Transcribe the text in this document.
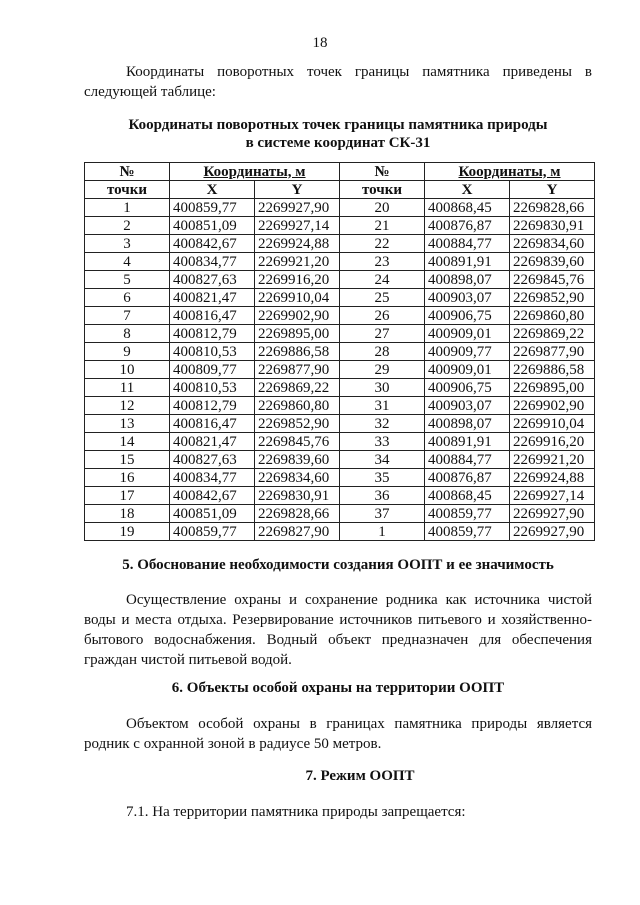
18
Координаты поворотных точек границы памятника приведены в следующей таблице:
Координаты поворотных точек границы памятника природы
в системе координат СК-31
№	Координаты, м		№	Координаты, м	
точки	X	Y	точки	X	Y
1	400859,77	2269927,90	20	400868,45	2269828,66
2	400851,09	2269927,14	21	400876,87	2269830,91
3	400842,67	2269924,88	22	400884,77	2269834,60
4	400834,77	2269921,20	23	400891,91	2269839,60
5	400827,63	2269916,20	24	400898,07	2269845,76
6	400821,47	2269910,04	25	400903,07	2269852,90
7	400816,47	2269902,90	26	400906,75	2269860,80
8	400812,79	2269895,00	27	400909,01	2269869,22
9	400810,53	2269886,58	28	400909,77	2269877,90
10	400809,77	2269877,90	29	400909,01	2269886,58
11	400810,53	2269869,22	30	400906,75	2269895,00
12	400812,79	2269860,80	31	400903,07	2269902,90
13	400816,47	2269852,90	32	400898,07	2269910,04
14	400821,47	2269845,76	33	400891,91	2269916,20
15	400827,63	2269839,60	34	400884,77	2269921,20
16	400834,77	2269834,60	35	400876,87	2269924,88
17	400842,67	2269830,91	36	400868,45	2269927,14
18	400851,09	2269828,66	37	400859,77	2269927,90
19	400859,77	2269827,90	1	400859,77	2269927,90
5. Обоснование необходимости создания ООПТ и ее значимость
Осуществление охраны и сохранение родника как источника чистой воды и места отдыха. Резервирование источников питьевого и хозяйственно-бытового водоснабжения. Водный объект предназначен для обеспечения граждан чистой питьевой водой.
6. Объекты особой охраны на территории ООПТ
Объектом особой охраны в границах памятника природы является родник с охранной зоной в радиусе 50 метров.
7. Режим ООПТ
7.1. На территории памятника природы запрещается:
